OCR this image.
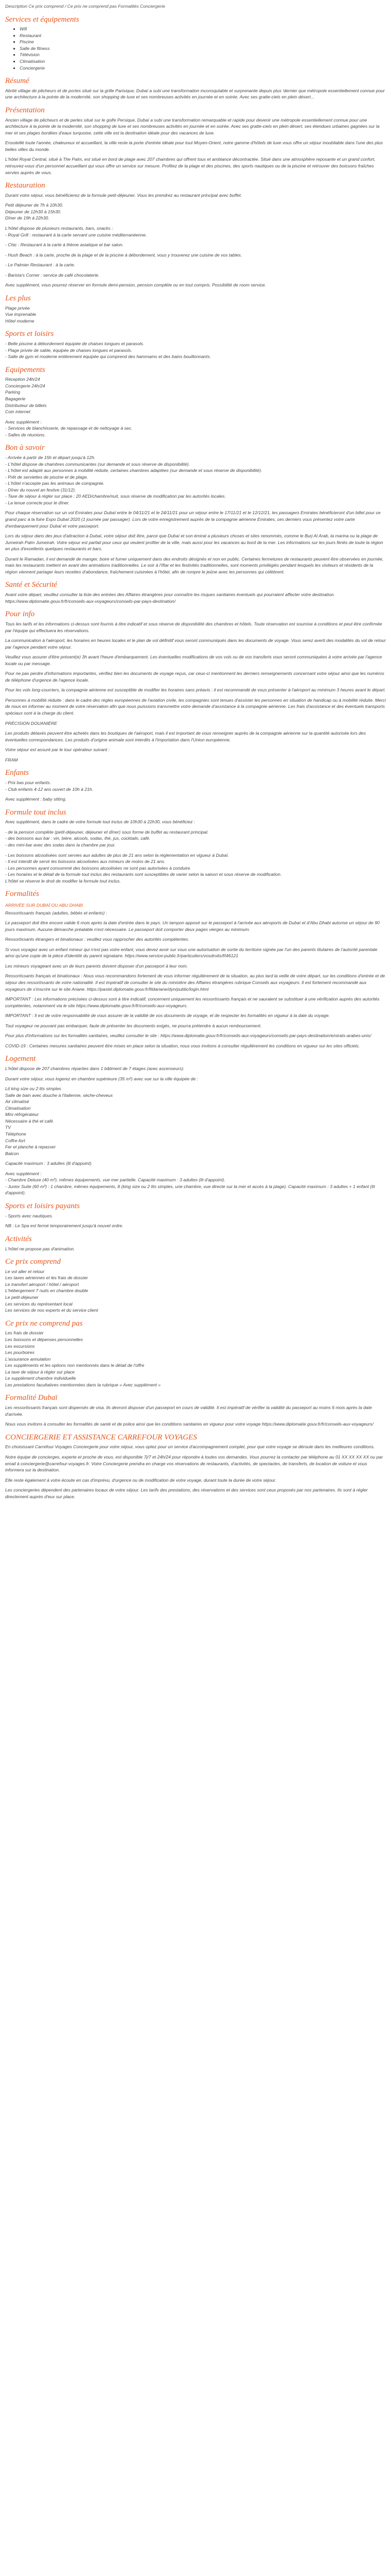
Description Ce prix comprend / Ce prix ne comprend pas Formalités Conciergerie

Services et équipements
▪ Wifi
▪ Restaurant
▪ Piscine
▪ Salle de fitness
▪ Télévision
▪ Climatisation
▪ Conciergerie
Résumé

Abrité village de pêcheurs et de portes situé sur la grille Parisique, Dubaï a subi une transformation inconsqutable et surprenante depuis plus 'dernier que métropole essentiellement connue pour une architecture à la pointe de la modernité, son shopping de luxe et ses nombreuses activités en journée et en soirée. Avec ses gratte-ciels en plein désert...

Présentation

Ancien village de pêcheurs et de perles situé sur le golfe Persique, Dubaï a subi une transformation remarquable et rapide pour devenir une métropole essentiellement connue pour une architecture à la pointe de la modernité, son shopping de luxe et ses nombreuses activités en journée et en soirée. Avec ses gratte-ciels en plein désert, ses étendues urbaines gagnées sur la mer et ses plages bordées d'eaux turquoise, cette ville est la destination idéale pour des vacances de luxe.

Ensoleillé toute l'année, chaleureux et accueillant, la ville reste la porte d'entrée idéale pour tout Moyen-Orient, notre gamme d'hôtels de luxe vous offre un séjour inoubliable dans l'une des plus belles villes du monde.

L'hôtel Royal Central, situé à The Palm, est situé en bord de plage avec 207 chambres qui offrent tous et ambiance décontractée. Situé dans une atmosphère reposante et un grand confort, retrouvez-vous d'un personnel accueillant qui vous offre un service sur mesure. Profitez de la plage et des piscines, des sports nautiques ou de la piscine et retrouver des boissons fraîches servies auprès de vous.

Restauration

Durant votre séjour, vous bénéficierez de la formule petit-déjeuner. Vous les prendrez au restaurant principal avec buffet.

Petit déjeuner de 7h à 10h30.
Déjeuner de 12h30 à 15h30.
Dîner de 19h à 22h30.
L'hôtel dispose de plusieurs restaurants, bars, snacks :
- Royal Grill : restaurant à la carte servant une cuisine méditerranéenne.
- Chic : Restaurant à la carte à thème asiatique et bar salon.
- Hush Beach : à la carte, proche de la plage et de la piscine à débordement, vous y trouverez une cuisine de vos tables.
- Le Palmier Restaurant : à la carte.
- Barista's Corner : service de café chocolaterie.

Avec supplément, vous pourrez réserver en formule demi-pension, pension complète ou en tout compris. Possibilité de room service.

Les plus
Plage privée
Vue imprenable
Hôtel moderne
Sports et loisirs
- Belle piscine à débordement équipée de chaises longues et parasols.
- Plage privée de sable, équipée de chaises longues et parasols.
- Salle de gym et moderne entièrement équipée qui comprend des hammams et des bains bouillonnants.
Equipements
Réception 24h/24
Conciergerie 24h/24
Parking
Bagagerie
Distributeur de billets
Coin internet
Avec supplément :
- Services de blanchisserie, de repassage et de nettoyage à sec.
- Salles de réunions.
Bon à savoir
- Arrivée à partir de 15h et départ jusqu'à 12h.
- L'hôtel dispose de chambres communicantes (sur demande et sous réserve de disponibilité).
- L'hôtel est adapté aux personnes à mobilité réduite, certaines chambres adaptées (sur demande et sous réserve de disponibilité).
- Prêt de serviettes de piscine et de plage.
- L'hôtel n'accepte pas les animaux de compagnie.
- Dîner du nouvel an festive (31/12).
- Taxe de séjour à régler sur place : 20 AED/chambre/nuit, sous réserve de modification par les autorités locales.
- La tenue correcte pour le dîner.

Pour chaque réservation sur un vol Emirates pour Dubaï entre le 04/11/21 et le 24/11/21 pour un séjour entre le 17/11/21 et le 12/12/21, les passagers Emirates bénéficieront d'un billet pour ce grand parc à la foire Expo Dubaï 2020 (1 journée par passager). Lors de votre enregistrement auprès de la compagnie aérienne Emirates, ces derniers vous présentez votre carte d'embarquement pour Dubaï et votre passeport.

Lors du séjour dans des jeux d'attraction à Dubaï, votre séjour doit être, parce que Dubaï et son émirat a plusieurs choses et sites renommés, comme le Burj Al Arab, la marina ou la plage de Jumeirah Palm Jumeirah. Votre séjour est parfait pour ceux qui veulent profiter de la ville, mais aussi pour les vacances au bord de la mer. Les informations sur les jours fériés de toute la région en plus d'excellents quelques restaurants et bars.

Durant le Ramadan, il est demandé de manger, boire et fumer uniquement dans des endroits désignés et non en public. Certaines fermetures de restaurants peuvent être observées en journée, mais les restaurants mettent en avant des animations traditionnelles. Le soir à l'Iftar et les festivités traditionnelles, sont moments privilégiés pendant lesquels les visiteurs et résidents de la région viennent partager leurs recettes d'abondance, fraîchement cuisinées à l'hôtel, afin de rompre le jeûne avec les personnes qui célèbrent.

Santé et Sécurité

Avant votre départ, veuillez consulter la liste des entrées des Affaires étrangères pour connaître les risques sanitaires éventuels qui pourraient affecter votre destination. https://www.diplomatie.gouv.fr/fr/conseils-aux-voyageurs/conseils-par-pays-destination/

Pour info

Tous les tarifs et les informations ci-dessus sont fournis à titre indicatif et sous réserve de disponibilité des chambres et hôtels. Toute réservation est soumise à conditions et peut être confirmée par l'équipe qui effectuera les réservations.

La communication à l'aéroport, les horaires en heures locales et le plan de vol définitif vous seront communiqués dans les documents de voyage. Vous serez averti des modalités du vol de retour par l'agence pendant votre séjour.

Veuillez vous assurer d'être présent(e) 3h avant l'heure d'embarquement. Les éventuelles modifications de vos vols ou de vos transferts vous seront communiquées à votre arrivée par l'agence locale ou par message.

Pour ne pas perdre d'informations importantes, vérifiez bien les documents de voyage reçus, car ceux-ci mentionnent les derniers renseignements concernant votre séjour ainsi que les numéros de téléphone d'urgence de l'agence locale.

Pour les vols long-courriers, la compagnie aérienne est susceptible de modifier les horaires sans préavis : il est recommandé de vous présenter à l'aéroport au minimum 3 heures avant le départ.

Personnes à mobilité réduite : dans le cadre des règles européennes de l'aviation civile, les compagnies sont tenues d'assister les personnes en situation de handicap ou à mobilité réduite. Merci de nous en informer au moment de votre réservation afin que nous puissions transmettre votre demande d'assistance à la compagnie aérienne. Les frais d'assistance et des éventuels transports spéciaux sont à la charge du client.

PRÉCISION DOUANIÈRE

Les produits détaxés peuvent être achetés dans les boutiques de l'aéroport, mais il est important de vous renseigner auprès de la compagnie aérienne sur la quantité autorisée lors des éventuelles correspondances. Les produits d'origine animale sont interdits à l'importation dans l'Union européenne.

Votre séjour est assuré par le tour opérateur suivant :

FRAM

Enfants
- Prix bas pour enfants.
- Club enfants 4-12 ans ouvert de 10h à 21h.
Avec supplément : baby sitting.
Formule tout inclus

Avec supplément, dans le cadre de votre formule tout inclus de 10h30 à 22h30, vous bénéficiez :

- de la pension complète (petit-déjeuner, déjeuner et dîner) sous forme de buffet au restaurant principal.
- des boissons aux bar : vin, bière, alcools, sodas, thé, jus, cocktails, café.
- des mini-bar avec des sodas dans la chambre par jour.
- Les boissons alcoolisées sont servies aux adultes de plus de 21 ans selon la réglementation en vigueur à Dubaï.
- Il est interdit de servir les boissons alcoolisées aux mineurs de moins de 21 ans.
- Les personnes ayant consommé des boissons alcoolisées ne sont pas autorisées à conduire.
- Les horaires et le détail de la formule tout inclus des restaurants sont susceptibles de varier selon la saison et sous réserve de modification.
L'hôtel se réserve le droit de modifier la formule tout inclus.
Formalités
ARRIVÉE SUR DUBAÏ OU ABU DHABI

Ressortissants français (adultes, bébés et enfants) :

Le passeport doit être encore valide 6 mois après la date d'entrée dans le pays. Un tampon apposé sur le passeport à l'arrivée aux aéroports de Dubaï et d'Abu Dhabi autorise un séjour de 90 jours maximum. Aucune démarche préalable n'est nécessaire. Le passeport doit comporter deux pages vierges au minimum.

Ressortissants étrangers et binationaux : veuillez vous rapprocher des autorités compétentes.

Si vous voyagez avec un enfant mineur qui n'est pas votre enfant, vous devez avoir sur vous une autorisation de sortie du territoire signée par l'un des parents titulaires de l'autorité parentale ainsi qu'une copie de la pièce d'identité du parent signataire. https://www.service-public.fr/particuliers/vosdroits/R46121

Les mineurs voyageant avec un de leurs parents doivent disposer d'un passeport à leur nom.

Ressortissants français et binationaux : Nous vous recommandons fortement de vous informer régulièrement de la situation, au plus tard la veille de votre départ, sur les conditions d'entrée et de séjour des ressortissants de votre nationalité. Il est impératif de consulter le site du ministère des Affaires étrangères rubrique Conseils aux voyageurs. Il est fortement recommandé aux voyageurs de s'inscrire sur le site Ariane. https://pastel.diplomatie.gouv.fr/fildariane/dyn/public/login.html

IMPORTANT : Les informations précisées ci-dessus sont à titre indicatif, concernent uniquement les ressortissants français et ne sauraient se substituer à une vérification auprès des autorités compétentes, notamment via le site https://www.diplomatie.gouv.fr/fr/conseils-aux-voyageurs.

IMPORTANT : Il est de votre responsabilité de vous assurer de la validité de vos documents de voyage, et de respecter les formalités en vigueur à la date du voyage.

Tout voyageur ne pouvant pas embarquer, faute de présenter les documents exigés, ne pourra prétendre à aucun remboursement.

Pour plus d'informations sur les formalités sanitaires, veuillez consulter le site : https://www.diplomatie.gouv.fr/fr/conseils-aux-voyageurs/conseils-par-pays-destination/emirats-arabes-unis/

COVID-19 : Certaines mesures sanitaires peuvent être mises en place selon la situation, nous vous invitons à consulter régulièrement les conditions en vigueur sur les sites officiels.

Logement

L'hôtel dispose de 207 chambres réparties dans 1 bâtiment de 7 étages (avec ascenseurs).

Durant votre séjour, vous logerez en chambre supérieure (35 m²) avec vue sur la ville équipée de :

Lit king size ou 2 lits simples
Salle de bain avec douche à l'italienne, sèche-cheveux
Air climatisé
Climatisation
Mini réfrigérateur
Nécessaire à thé et café
TV
Téléphone
Coffre-fort
Fer et planche à repasser
Balcon
Capacité maximum : 3 adultes (lit d'appoint).
Avec supplément :
- Chambre Deluxe (40 m²), mêmes équipements, vue mer partielle. Capacité maximum : 3 adultes (lit d'appoint).
- Junior Suite (60 m²) : 1 chambre, mêmes équipements, 8 (king size ou 2 lits simples, une chambre, vue directe sur la mer et accès à la plage). Capacité maximum : 3 adultes + 1 enfant (lit d'appoint).
Sports et loisirs payants
- Sports avec nautiques.
NB : Le Spa est fermé temporairement jusqu'à nouvel ordre.
Activités

L'hôtel ne propose pas d'animation.

Ce prix comprend
Le vol aller et retour
Les taxes aériennes et les frais de dossier
Le transfert aéroport / hôtel / aéroport
L'hébergement 7 nuits en chambre double
Le petit-déjeuner
Les services du représentant local
Les services de nos experts et du service client
Ce prix ne comprend pas
Les frais de dossier
Les boissons et dépenses personnelles
Les excursions
Les pourboires
L'assurance annulation
Les suppléments et les options non mentionnés dans le détail de l'offre
La taxe de séjour à régler sur place
Le supplément chambre individuelle
Les prestations facultatives mentionnées dans la rubrique « Avec supplément »
Formalité Dubaï

Les ressortissants français sont dispensés de visa. Ils devront disposer d'un passeport en cours de validité. Il est impératif de vérifier la validité du passeport au moins 6 mois après la date d'arrivée.

Nous vous invitons à consulter les formalités de santé et de police ainsi que les conditions sanitaires en vigueur pour votre voyage https://www.diplomatie.gouv.fr/fr/conseils-aux-voyageurs/

CONCIERGERIE ET ASSISTANCE CARREFOUR VOYAGES

En choisissant Carrefour Voyages Conciergerie pour votre séjour, vous optez pour un service d'accompagnement complet, pour que votre voyage se déroule dans les meilleures conditions.

Notre équipe de concierges, experte et proche de vous, est disponible 7j/7 et 24h/24 pour répondre à toutes vos demandes. Vous pourrez la contacter par téléphone au 01 XX XX XX XX ou par email à conciergerie@carrefour-voyages.fr. Votre Conciergerie prendra en charge vos réservations de restaurants, d'activités, de spectacles, de transferts, de location de voiture et vous informera sur la destination.

Elle reste également à votre écoute en cas d'imprévu, d'urgence ou de modification de votre voyage, durant toute la durée de votre séjour.

Les conciergeries dépendent des partenaires locaux de votre séjour. Les tarifs des prestations, des réservations et des services sont ceux proposés par nos partenaires. Ils sont à régler directement auprès d'eux sur place.
